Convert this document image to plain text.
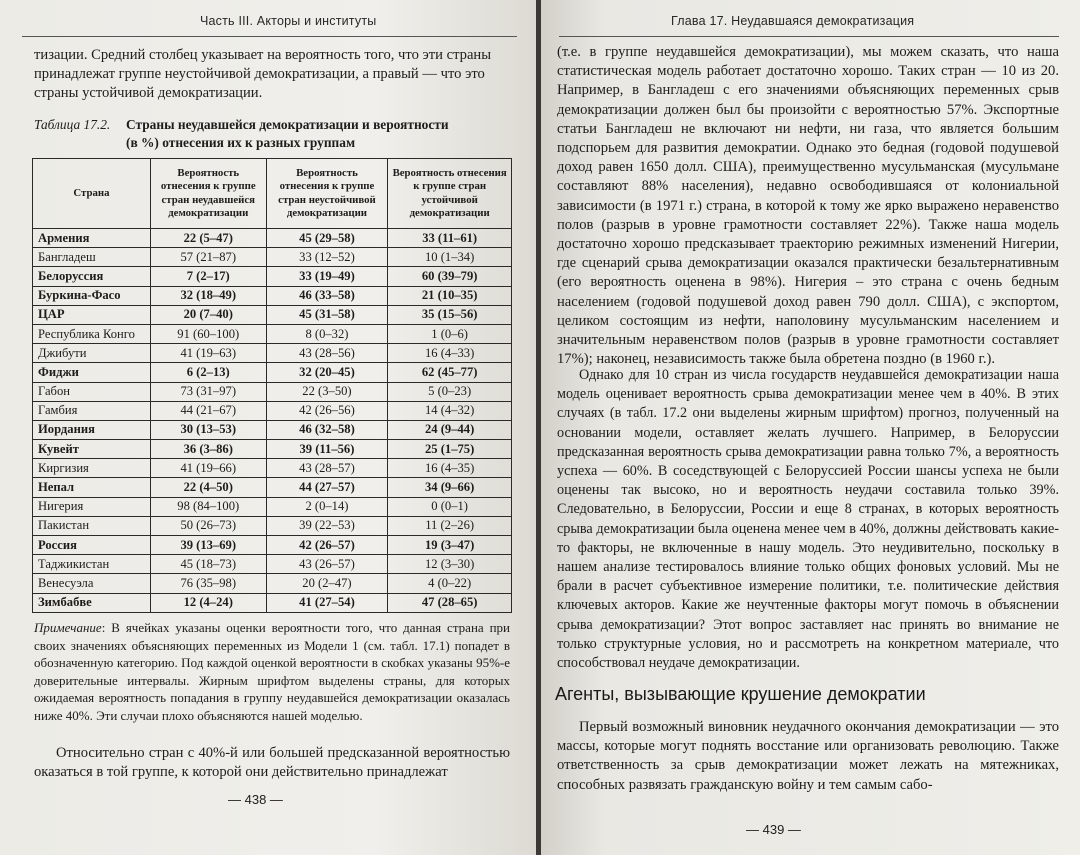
Часть III. Акторы и институты

тизации. Средний столбец указывает на вероятность того, что эти страны

принадлежат группе неустойчивой демократизации, а правый — что это

страны устойчивой демократизации.

Таблица 17.2. Страны неудавшейся демократизации и вероятности
(в %) отнесения их к разных группам
Страна	Вероятность отнесения к группе стран неудавшейся демократизации	Вероятность отнесения к группе стран неустойчивой демократизации	Вероятность отнесения к группе стран устойчивой демократизации
Армения	22 (5–47)	45 (29–58)	33 (11–61)
Бангладеш	57 (21–87)	33 (12–52)	10 (1–34)
Белоруссия	7 (2–17)	33 (19–49)	60 (39–79)
Буркина-Фасо	32 (18–49)	46 (33–58)	21 (10–35)
ЦАР	20 (7–40)	45 (31–58)	35 (15–56)
Республика Конго	91 (60–100)	8 (0–32)	1 (0–6)
Джибути	41 (19–63)	43 (28–56)	16 (4–33)
Фиджи	6 (2–13)	32 (20–45)	62 (45–77)
Габон	73 (31–97)	22 (3–50)	5 (0–23)
Гамбия	44 (21–67)	42 (26–56)	14 (4–32)
Иордания	30 (13–53)	46 (32–58)	24 (9–44)
Кувейт	36 (3–86)	39 (11–56)	25 (1–75)
Киргизия	41 (19–66)	43 (28–57)	16 (4–35)
Непал	22 (4–50)	44 (27–57)	34 (9–66)
Нигерия	98 (84–100)	2 (0–14)	0 (0–1)
Пакистан	50 (26–73)	39 (22–53)	11 (2–26)
Россия	39 (13–69)	42 (26–57)	19 (3–47)
Таджикистан	45 (18–73)	43 (26–57)	12 (3–30)
Венесуэла	76 (35–98)	20 (2–47)	4 (0–22)
Зимбабве	12 (4–24)	41 (27–54)	47 (28–65)
Примечание: В ячейках указаны оценки вероятности того, что данная страна при своих значениях объясняющих переменных из Модели 1 (см. табл. 17.1) попадет в обозначенную категорию. Под каждой оценкой вероятности в скобках указаны 95%-е доверительные интервалы. Жирным шрифтом выделены страны, для которых ожидаемая вероятность попадания в группу неудавшейся демократизации оказалась ниже 40%. Эти случаи плохо объясняются нашей моделью.

Относительно стран с 40%-й или большей предсказанной вероятностью оказаться в той группе, к которой они действительно принадлежат

— 438 —
Глава 17. Неудавшаяся демократизация

(т.е. в группе неудавшейся демократизации), мы можем сказать, что наша статистическая модель работает достаточно хорошо. Таких стран — 10 из 20. Например, в Бангладеш с его значениями объясняющих переменных срыв демократизации должен был бы произойти с вероятностью 57%. Экспортные статьи Бангладеш не включают ни нефти, ни газа, что является большим подспорьем для развития демократии. Однако это бедная (годовой подушевой доход равен 1650 долл. США), преимущественно мусульманская (мусульмане составляют 88% населения), недавно освободившаяся от колониальной зависимости (в 1971 г.) страна, в которой к тому же ярко выражено неравенство полов (разрыв в уровне грамотности составляет 22%). Также наша модель достаточно хорошо предсказывает траекторию режимных изменений Нигерии, где сценарий срыва демократизации оказался практически безальтернативным (его вероятность оценена в 98%). Нигерия – это страна с очень бедным населением (годовой подушевой доход равен 790 долл. США), с экспортом, целиком состоящим из нефти, наполовину мусульманским населением и значительным неравенством полов (разрыв в уровне грамотности составляет 17%); наконец, независимость также была обретена поздно (в 1960 г.).

Однако для 10 стран из числа государств неудавшейся демократизации наша модель оценивает вероятность срыва демократизации менее чем в 40%. В этих случаях (в табл. 17.2 они выделены жирным шрифтом) прогноз, полученный на основании модели, оставляет желать лучшего. Например, в Белоруссии предсказанная вероятность срыва демократизации равна только 7%, а вероятность успеха — 60%. В соседствующей с Белоруссией России шансы успеха не были оценены так высоко, но и вероятность неудачи составила только 39%. Следовательно, в Белоруссии, России и еще 8 странах, в которых вероятность срыва демократизации была оценена менее чем в 40%, должны действовать какие-то факторы, не включенные в нашу модель. Это неудивительно, поскольку в нашем анализе тестировалось влияние только общих фоновых условий. Мы не брали в расчет субъективное измерение политики, т.е. политические действия ключевых акторов. Какие же неучтенные факторы могут помочь в объяснении срыва демократизации? Этот вопрос заставляет нас принять во внимание не только структурные условия, но и рассмотреть на конкретном материале, что способствовал неудаче демократизации.

Агенты, вызывающие крушение демократии

Первый возможный виновник неудачного окончания демократизации — это массы, которые могут поднять восстание или организовать революцию. Также ответственность за срыв демократизации может лежать на мятежниках, способных развязать гражданскую войну и тем самым сабо-

— 439 —
